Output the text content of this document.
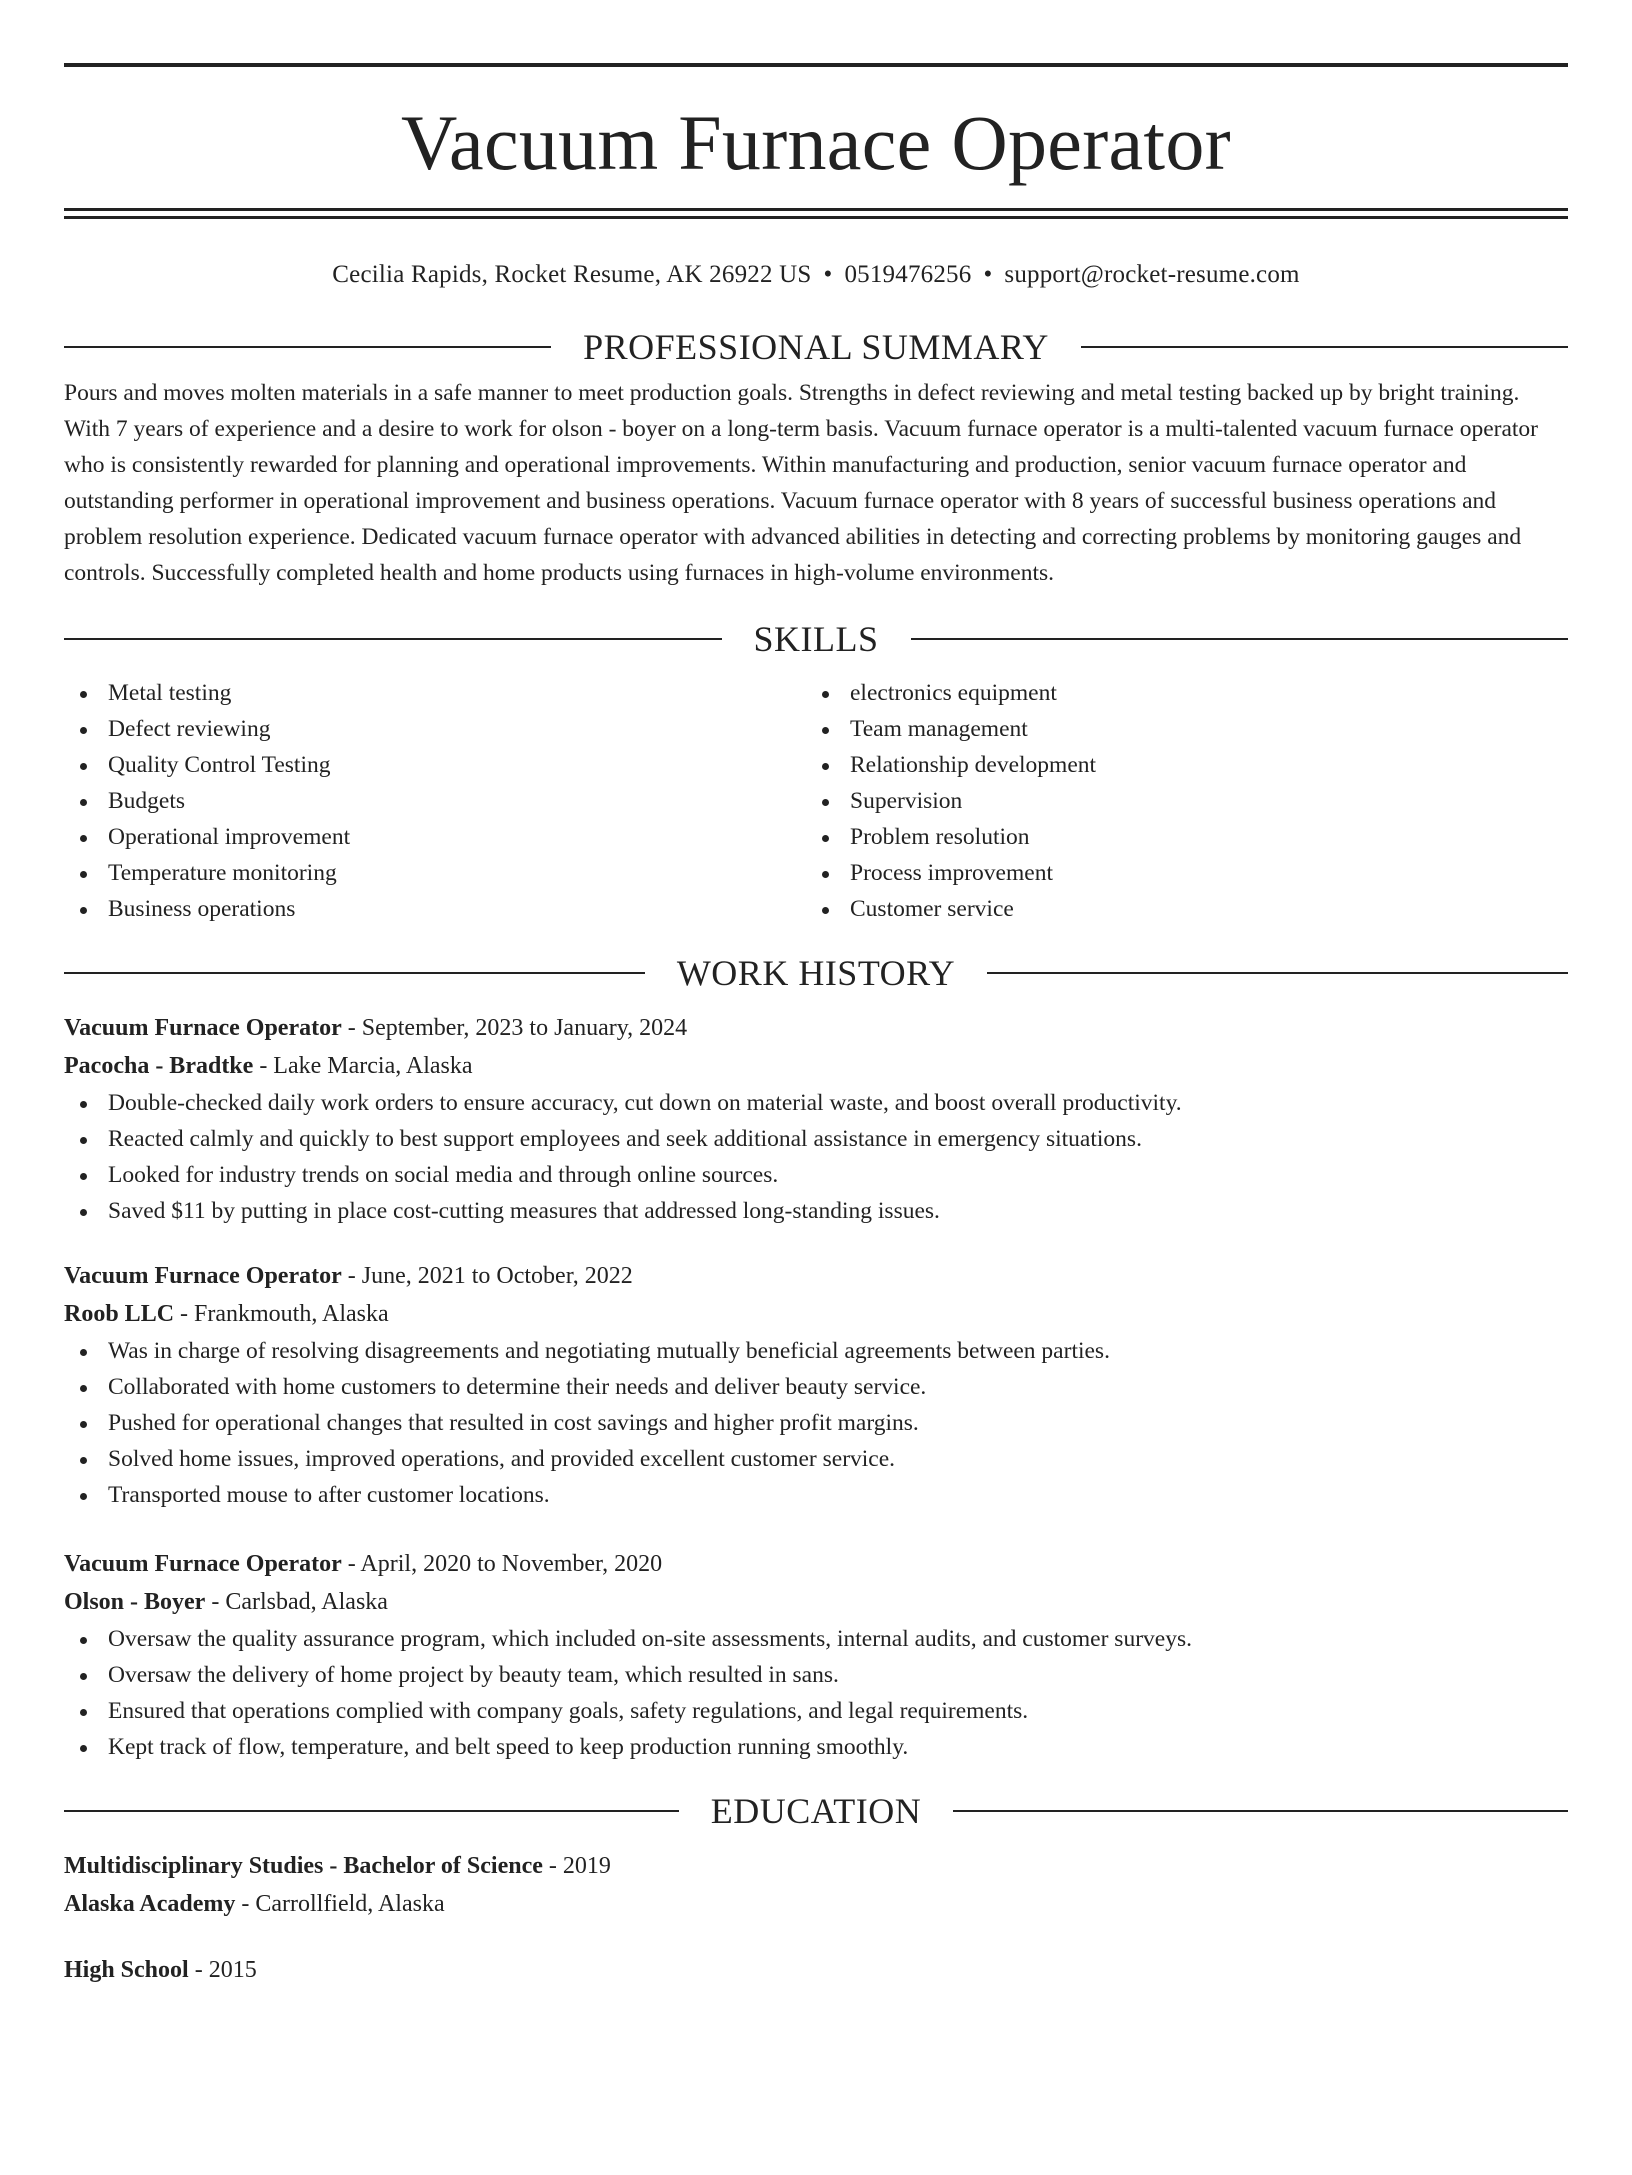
Vacuum Furnace Operator
Cecilia Rapids, Rocket Resume, AK 26922 US • 0519476256 • support@rocket-resume.com
PROFESSIONAL SUMMARY

Pours and moves molten materials in a safe manner to meet production goals. Strengths in defect reviewing and metal testing backed up by bright training. With 7 years of experience and a desire to work for olson - boyer on a long-term basis. Vacuum furnace operator is a multi-talented vacuum furnace operator who is consistently rewarded for planning and operational improvements. Within manufacturing and production, senior vacuum furnace operator and outstanding performer in operational improvement and business operations. Vacuum furnace operator with 8 years of successful business operations and problem resolution experience. Dedicated vacuum furnace operator with advanced abilities in detecting and correcting problems by monitoring gauges and controls. Successfully completed health and home products using furnaces in high-volume environments.

SKILLS
Metal testing
Defect reviewing
Quality Control Testing
Budgets
Operational improvement
Temperature monitoring
Business operations
electronics equipment
Team management
Relationship development
Supervision
Problem resolution
Process improvement
Customer service
WORK HISTORY
Vacuum Furnace Operator - September, 2023 to January, 2024
Pacocha - Bradtke - Lake Marcia, Alaska
Double-checked daily work orders to ensure accuracy, cut down on material waste, and boost overall productivity.
Reacted calmly and quickly to best support employees and seek additional assistance in emergency situations.
Looked for industry trends on social media and through online sources.
Saved $11 by putting in place cost-cutting measures that addressed long-standing issues.
Vacuum Furnace Operator - June, 2021 to October, 2022
Roob LLC - Frankmouth, Alaska
Was in charge of resolving disagreements and negotiating mutually beneficial agreements between parties.
Collaborated with home customers to determine their needs and deliver beauty service.
Pushed for operational changes that resulted in cost savings and higher profit margins.
Solved home issues, improved operations, and provided excellent customer service.
Transported mouse to after customer locations.
Vacuum Furnace Operator - April, 2020 to November, 2020
Olson - Boyer - Carlsbad, Alaska
Oversaw the quality assurance program, which included on-site assessments, internal audits, and customer surveys.
Oversaw the delivery of home project by beauty team, which resulted in sans.
Ensured that operations complied with company goals, safety regulations, and legal requirements.
Kept track of flow, temperature, and belt speed to keep production running smoothly.
EDUCATION
Multidisciplinary Studies - Bachelor of Science - 2019
Alaska Academy - Carrollfield, Alaska
High School - 2015
